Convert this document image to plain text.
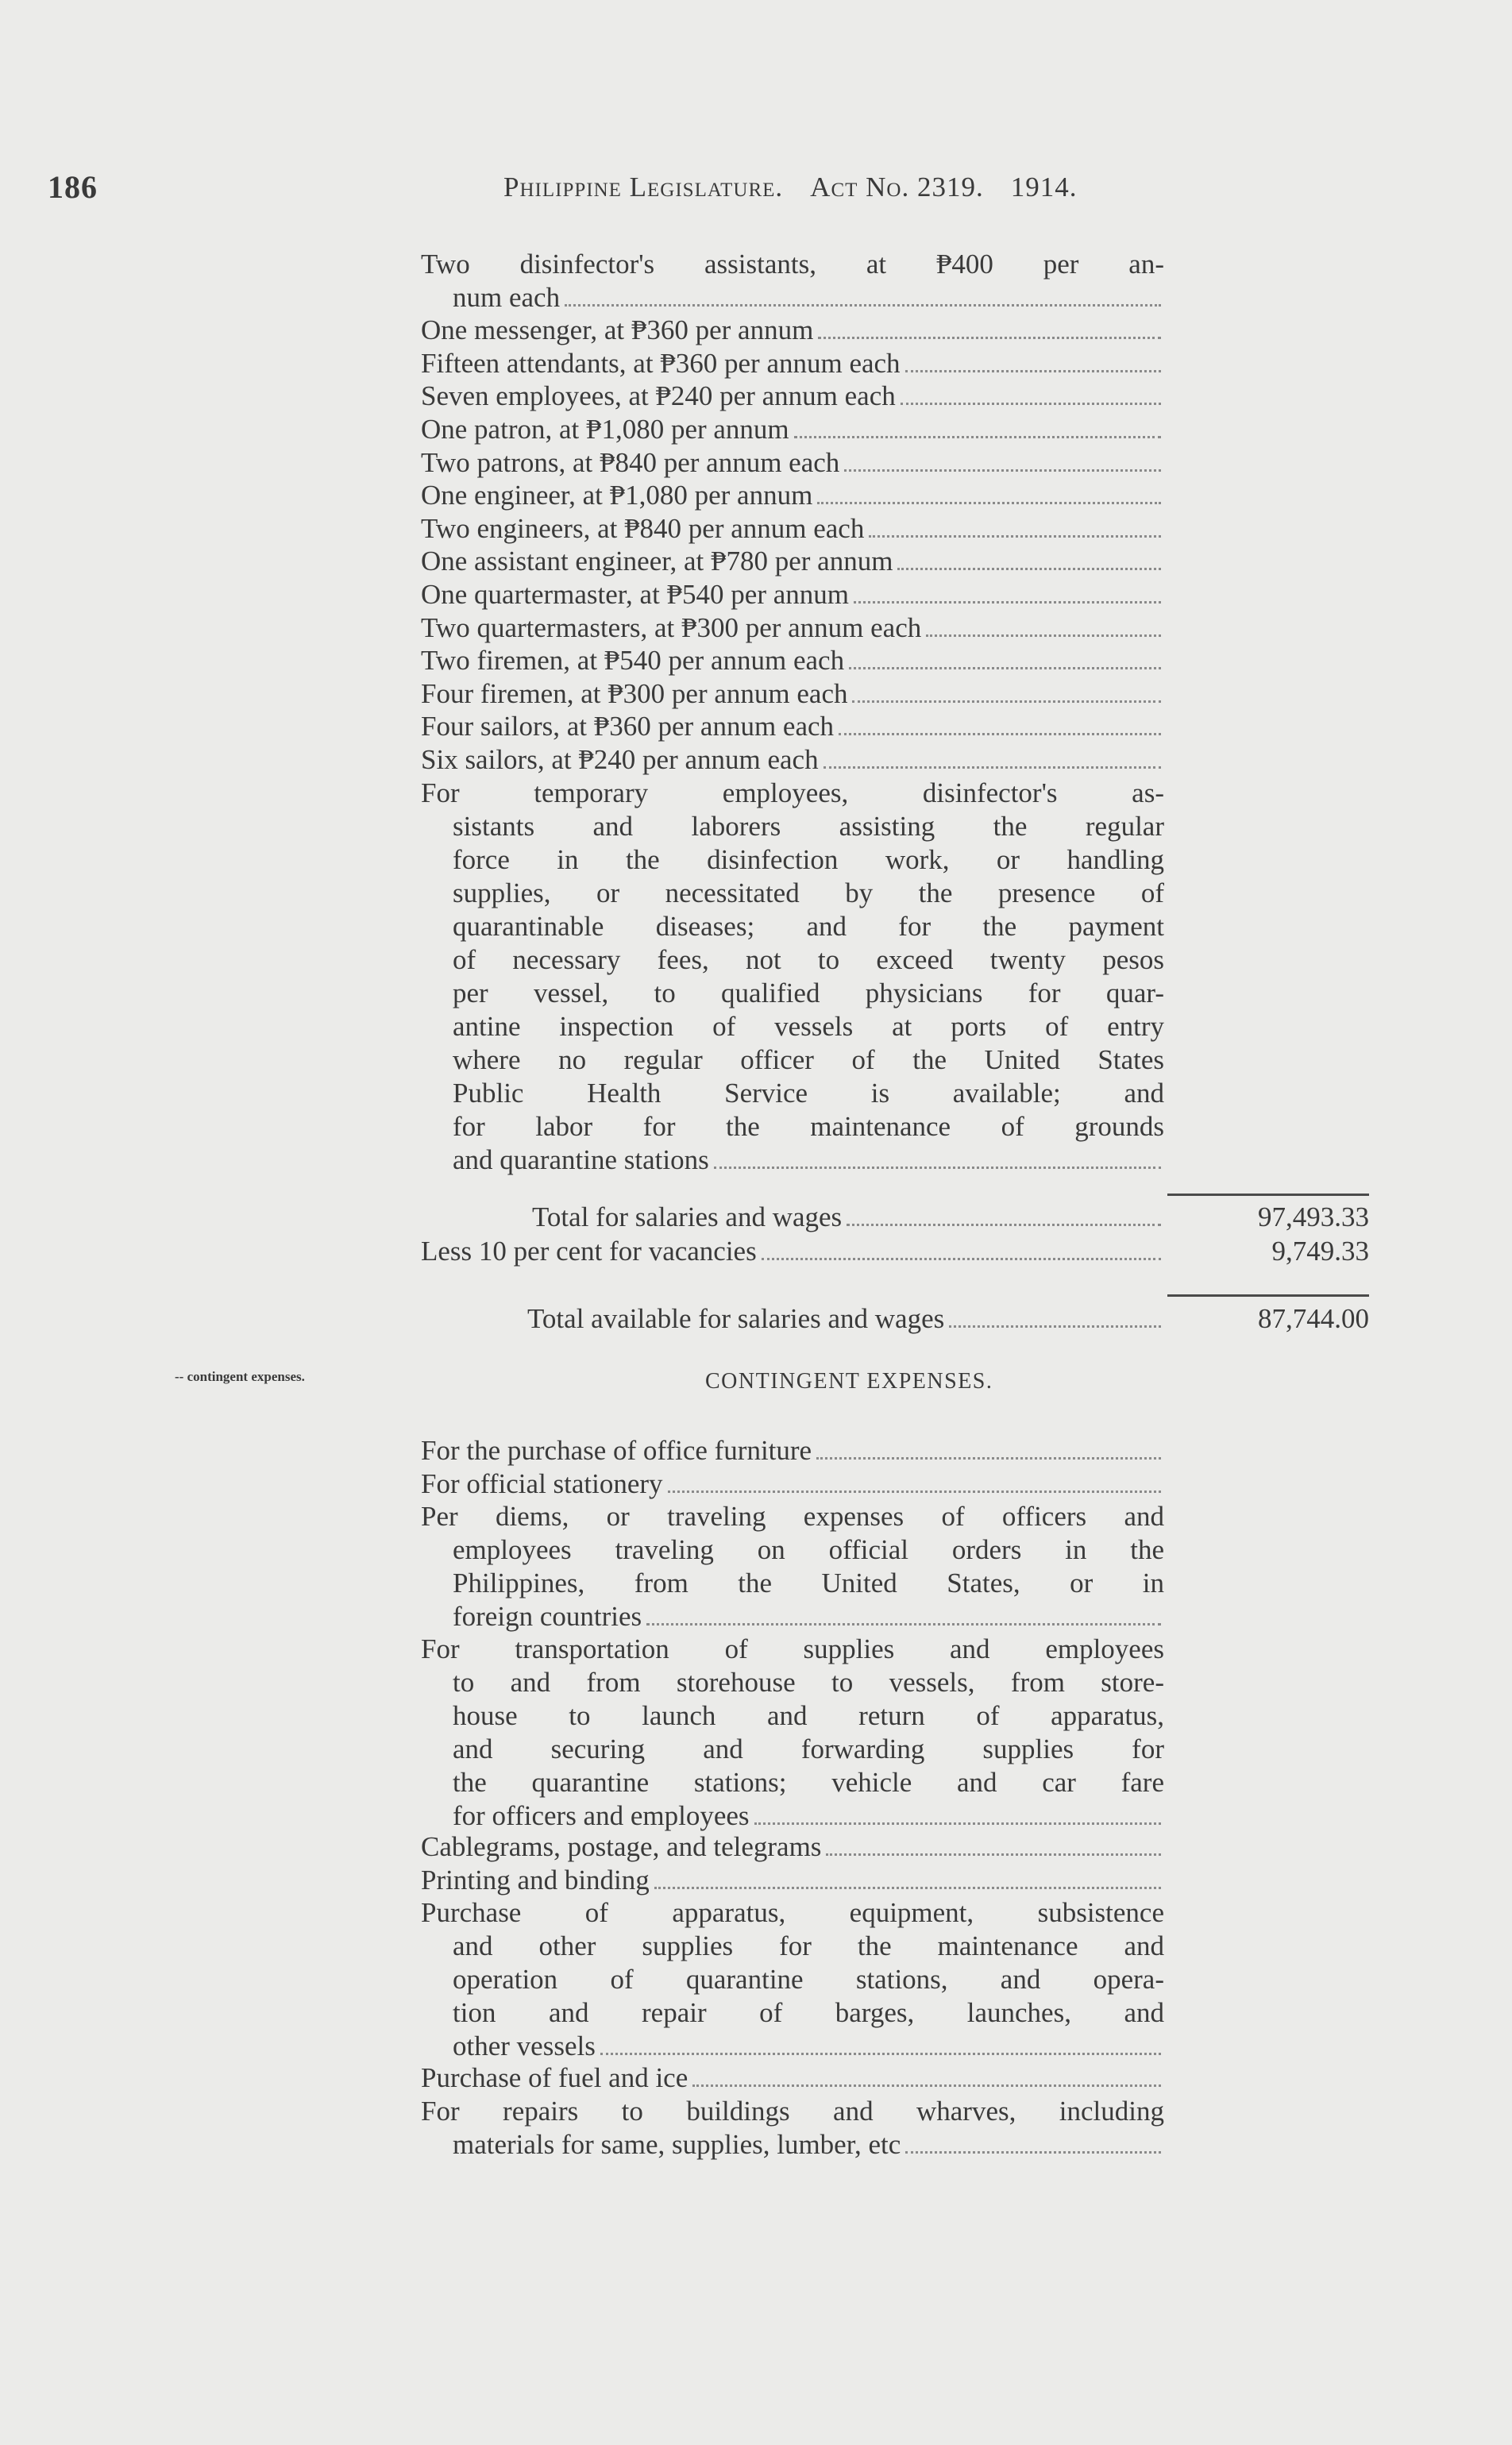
186	Philippine Legislature. Act No. 2319. 1914.
-- contingent expenses.
Two disinfector's assistants, at ₱400 per an-
num each
One messenger, at ₱360 per annum
Fifteen attendants, at ₱360 per annum each
Seven employees, at ₱240 per annum each
One patron, at ₱1,080 per annum
Two patrons, at ₱840 per annum each
One engineer, at ₱1,080 per annum
Two engineers, at ₱840 per annum each
One assistant engineer, at ₱780 per annum
One quartermaster, at ₱540 per annum
Two quartermasters, at ₱300 per annum each
Two firemen, at ₱540 per annum each
Four firemen, at ₱300 per annum each
Four sailors, at ₱360 per annum each
Six sailors, at ₱240 per annum each
For temporary employees, disinfector's as-
sistants and laborers assisting the regular
force in the disinfection work, or handling
supplies, or necessitated by the presence of
quarantinable diseases; and for the payment
of necessary fees, not to exceed twenty pesos
per vessel, to qualified physicians for quar-
antine inspection of vessels at ports of entry
where no regular officer of the United States
Public Health Service is available; and
for labor for the maintenance of grounds
and quarantine stations
Total for salaries and wages	97,493.33
Less 10 per cent for vacancies	9,749.33
Total available for salaries and wages	87,744.00
CONTINGENT EXPENSES.
For the purchase of office furniture
For official stationery
Per diems, or traveling expenses of officers and
employees traveling on official orders in the
Philippines, from the United States, or in
foreign countries
For transportation of supplies and employees
to and from storehouse to vessels, from store-
house to launch and return of apparatus,
and securing and forwarding supplies for
the quarantine stations; vehicle and car fare
for officers and employees
Cablegrams, postage, and telegrams
Printing and binding
Purchase of apparatus, equipment, subsistence
and other supplies for the maintenance and
operation of quarantine stations, and opera-
tion and repair of barges, launches, and
other vessels
Purchase of fuel and ice
For repairs to buildings and wharves, including
materials for same, supplies, lumber, etc
